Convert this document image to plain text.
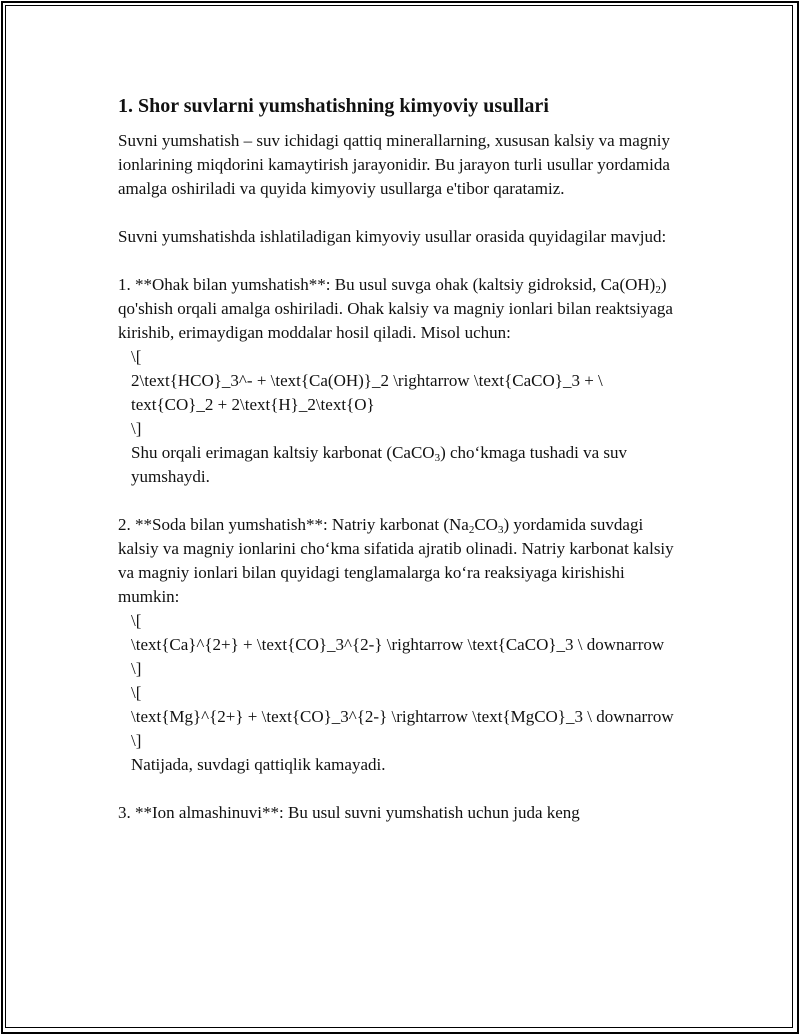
1. Shor suvlarni yumshatishning kimyoviy usullari

Suvni yumshatish – suv ichidagi qattiq minerallarning, xususan kalsiy va magniy ionlarining miqdorini kamaytirish jarayonidir. Bu jarayon turli usullar yordamida amalga oshiriladi va quyida kimyoviy usullarga e'tibor qaratamiz.

Suvni yumshatishda ishlatiladigan kimyoviy usullar orasida quyidagilar mavjud:

1. **Ohak bilan yumshatish**: Bu usul suvga ohak (kaltsiy gidroksid, $Ca(OH)_2$) qo'shish orqali amalga oshiriladi. Ohak kalsiy va magniy ionlari bilan reaktsiyaga kirishib, erimaydigan moddalar hosil qiladi. Misol uchun:

\[

2\text{HCO}_3^- + \text{Ca(OH)}_2 \rightarrow \text{CaCO}_3 + \ text{CO}_2 + 2\text{H}_2\text{O}

\]

Shu orqali erimagan kaltsiy karbonat (CaCO$_3$) cho‘kmaga tushadi va suv yumshaydi.

2. **Soda bilan yumshatish**: Natriy karbonat $(Na_2CO_3)$ yordamida suvdagi kalsiy va magniy ionlarini cho‘kma sifatida ajratib olinadi. Natriy karbonat kalsiy va magniy ionlari bilan quyidagi tenglamalarga ko‘ra reaksiyaga kirishishi mumkin:

\[

\text{Ca}^{2+} + \text{CO}_3^{2-} \rightarrow \text{CaCO}_3 \ downarrow

\]

\[

\text{Mg}^{2+} + \text{CO}_3^{2-} \rightarrow \text{MgCO}_3 \ downarrow

\]

Natijada, suvdagi qattiqlik kamayadi.

3. **Ion almashinuvi**: Bu usul suvni yumshatish uchun juda keng
